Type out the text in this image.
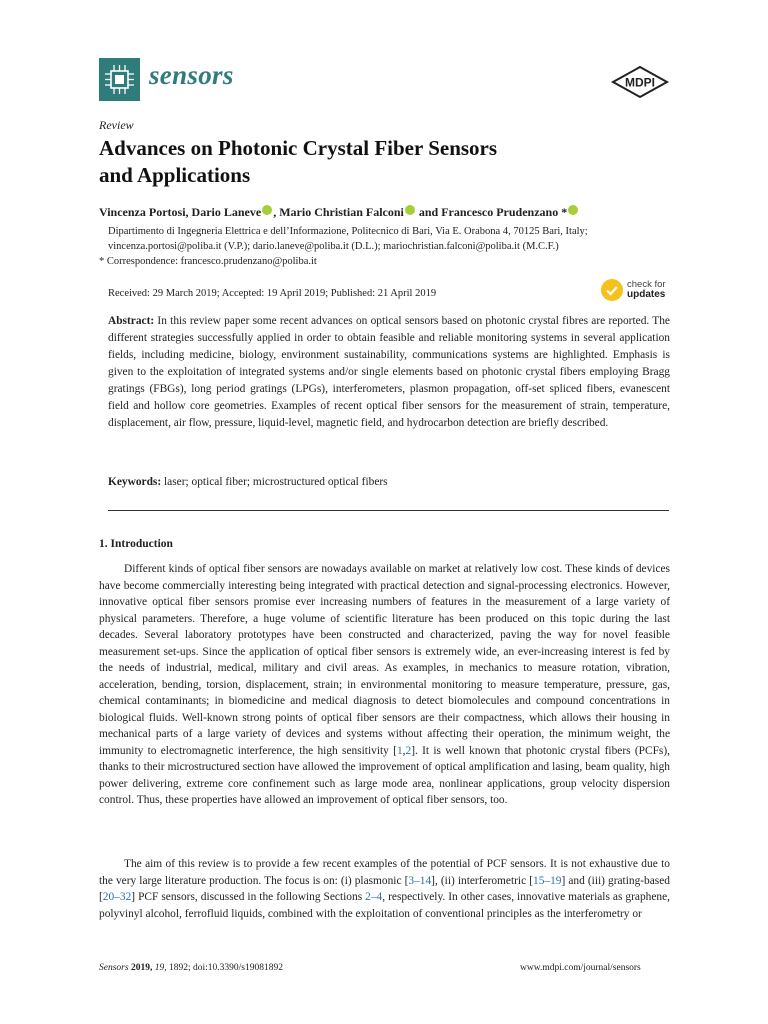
sensors	MDPI
Review
Advances on Photonic Crystal Fiber Sensors
and Applications
Vincenza Portosi, Dario Laneve , Mario Christian Falconi and Francesco Prudenzano *
Dipartimento di Ingegneria Elettrica e dell’Informazione, Politecnico di Bari, Via E. Orabona 4, 70125 Bari, Italy;
vincenza.portosi@poliba.it (V.P.); dario.laneve@poliba.it (D.L.); mariochristian.falconi@poliba.it (M.C.F.)
* Correspondence: francesco.prudenzano@poliba.it
Received: 29 March 2019; Accepted: 19 April 2019; Published: 21 April 2019
check for
updates
Abstract: In this review paper some recent advances on optical sensors based on photonic crystal fibres are reported. The different strategies successfully applied in order to obtain feasible and reliable monitoring systems in several application fields, including medicine, biology, environment sustainability, communications systems are highlighted. Emphasis is given to the exploitation of integrated systems and/or single elements based on photonic crystal fibers employing Bragg gratings (FBGs), long period gratings (LPGs), interferometers, plasmon propagation, off-set spliced fibers, evanescent field and hollow core geometries. Examples of recent optical fiber sensors for the measurement of strain, temperature, displacement, air flow, pressure, liquid-level, magnetic field, and hydrocarbon detection are briefly described.
Keywords: laser; optical fiber; microstructured optical fibers
1. Introduction

Different kinds of optical fiber sensors are nowadays available on market at relatively low cost. These kinds of devices have become commercially interesting being integrated with practical detection and signal-processing electronics. However, innovative optical fiber sensors promise ever increasing numbers of features in the measurement of a large variety of physical parameters. Therefore, a huge volume of scientific literature has been produced on this topic during the last decades. Several laboratory prototypes have been constructed and characterized, paving the way for novel feasible measurement set-ups. Since the application of optical fiber sensors is extremely wide, an ever-increasing interest is fed by the needs of industrial, medical, military and civil areas. As examples, in mechanics to measure rotation, vibration, acceleration, bending, torsion, displacement, strain; in environmental monitoring to measure temperature, pressure, gas, chemical contaminants; in biomedicine and medical diagnosis to detect biomolecules and compound concentrations in biological fluids. Well-known strong points of optical fiber sensors are their compactness, which allows their housing in mechanical parts of a large variety of devices and systems without affecting their operation, the minimum weight, the immunity to electromagnetic interference, the high sensitivity [1,2]. It is well known that photonic crystal fibers (PCFs), thanks to their microstructured section have allowed the improvement of optical amplification and lasing, beam quality, high power delivering, extreme core confinement such as large mode area, nonlinear applications, group velocity dispersion control. Thus, these properties have allowed an improvement of optical fiber sensors, too.

The aim of this review is to provide a few recent examples of the potential of PCF sensors. It is not exhaustive due to the very large literature production. The focus is on: (i) plasmonic [3–14], (ii) interferometric [15–19] and (iii) grating-based [20–32] PCF sensors, discussed in the following Sections 2–4, respectively. In other cases, innovative materials as graphene, polyvinyl alcohol, ferrofluid liquids, combined with the exploitation of conventional principles as the interferometry or

Sensors 2019, 19, 1892; doi:10.3390/s19081892	www.mdpi.com/journal/sensors
